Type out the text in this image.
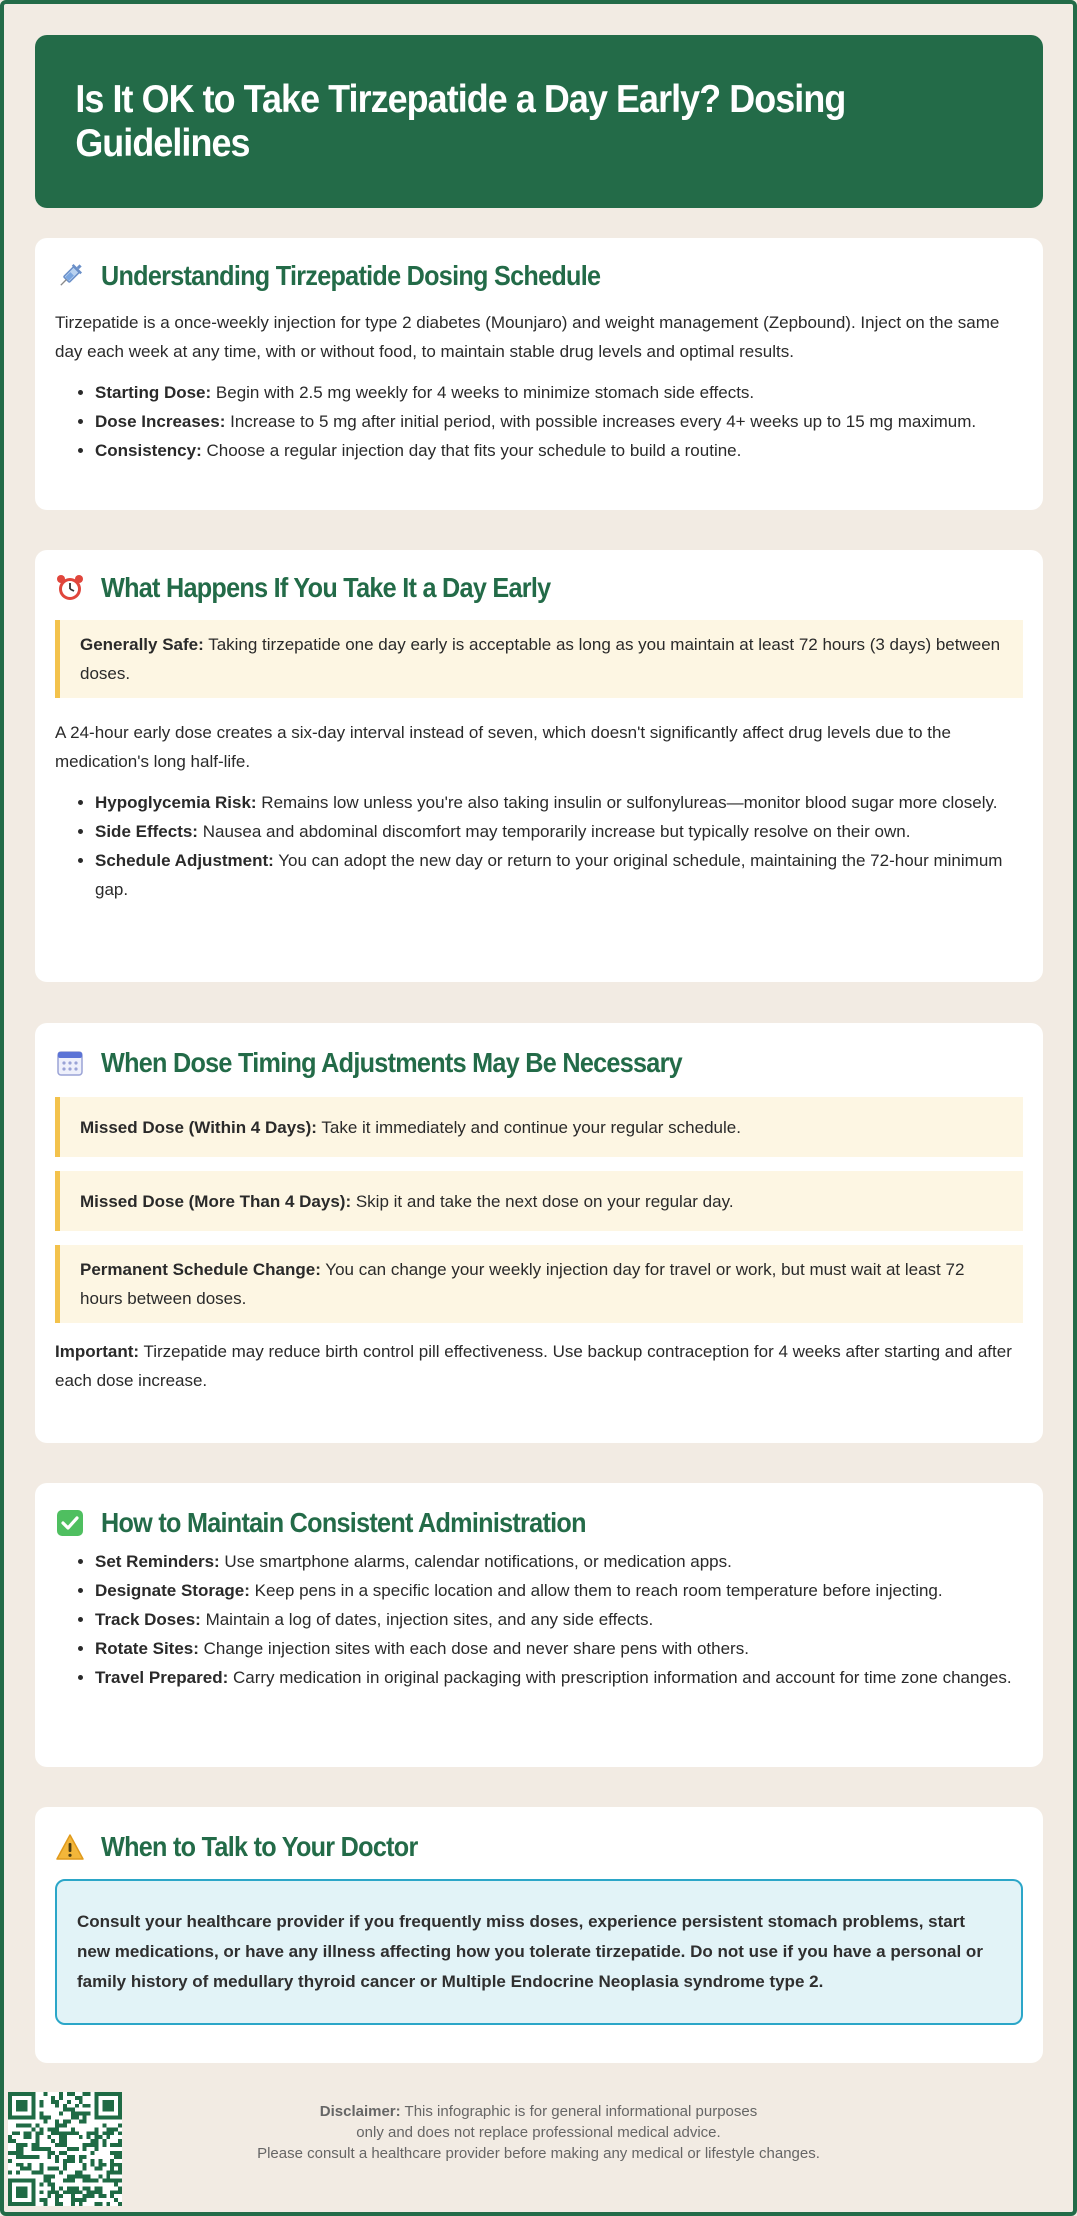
Is It OK to Take Tirzepatide a Day Early? Dosing Guidelines
Understanding Tirzepatide Dosing Schedule

Tirzepatide is a once-weekly injection for type 2 diabetes (Mounjaro) and weight management (Zepbound). Inject on the same day each week at any time, with or without food, to maintain stable drug levels and optimal results.

• Starting Dose: Begin with 2.5 mg weekly for 4 weeks to minimize stomach side effects.
• Dose Increases: Increase to 5 mg after initial period, with possible increases every 4+ weeks up to 15 mg maximum.
• Consistency: Choose a regular injection day that fits your schedule to build a routine.
What Happens If You Take It a Day Early
Generally Safe: Taking tirzepatide one day early is acceptable as long as you maintain at least 72 hours (3 days) between doses.

A 24-hour early dose creates a six-day interval instead of seven, which doesn't significantly affect drug levels due to the medication's long half-life.

• Hypoglycemia Risk: Remains low unless you're also taking insulin or sulfonylureas—monitor blood sugar more closely.
• Side Effects: Nausea and abdominal discomfort may temporarily increase but typically resolve on their own.
• Schedule Adjustment: You can adopt the new day or return to your original schedule, maintaining the 72-hour minimum gap.
When Dose Timing Adjustments May Be Necessary
Missed Dose (Within 4 Days): Take it immediately and continue your regular schedule.
Missed Dose (More Than 4 Days): Skip it and take the next dose on your regular day.
Permanent Schedule Change: You can change your weekly injection day for travel or work, but must wait at least 72 hours between doses.

Important: Tirzepatide may reduce birth control pill effectiveness. Use backup contraception for 4 weeks after starting and after each dose increase.

How to Maintain Consistent Administration
• Set Reminders: Use smartphone alarms, calendar notifications, or medication apps.
• Designate Storage: Keep pens in a specific location and allow them to reach room temperature before injecting.
• Track Doses: Maintain a log of dates, injection sites, and any side effects.
• Rotate Sites: Change injection sites with each dose and never share pens with others.
• Travel Prepared: Carry medication in original packaging with prescription information and account for time zone changes.
When to Talk to Your Doctor
Consult your healthcare provider if you frequently miss doses, experience persistent stomach problems, start new medications, or have any illness affecting how you tolerate tirzepatide. Do not use if you have a personal or family history of medullary thyroid cancer or Multiple Endocrine Neoplasia syndrome type 2.
Disclaimer: This infographic is for general informational purposes
only and does not replace professional medical advice.
Please consult a healthcare provider before making any medical or lifestyle changes.
